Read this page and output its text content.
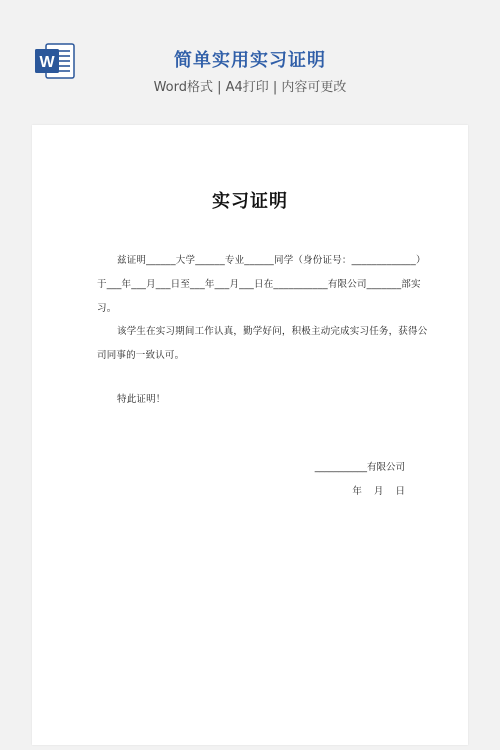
W	简单实用实习证明
Word格式 | A4打印 | 内容可更改
实习证明
兹证明______大学______专业______同学（身份证号：_____________）
于___年___月___日至___年___月___日在___________有限公司_______部实
习。
该学生在实习期间工作认真，勤学好问，积极主动完成实习任务，获得公
司同事的一致认可。
特此证明！
___________有限公司
年    月    日
